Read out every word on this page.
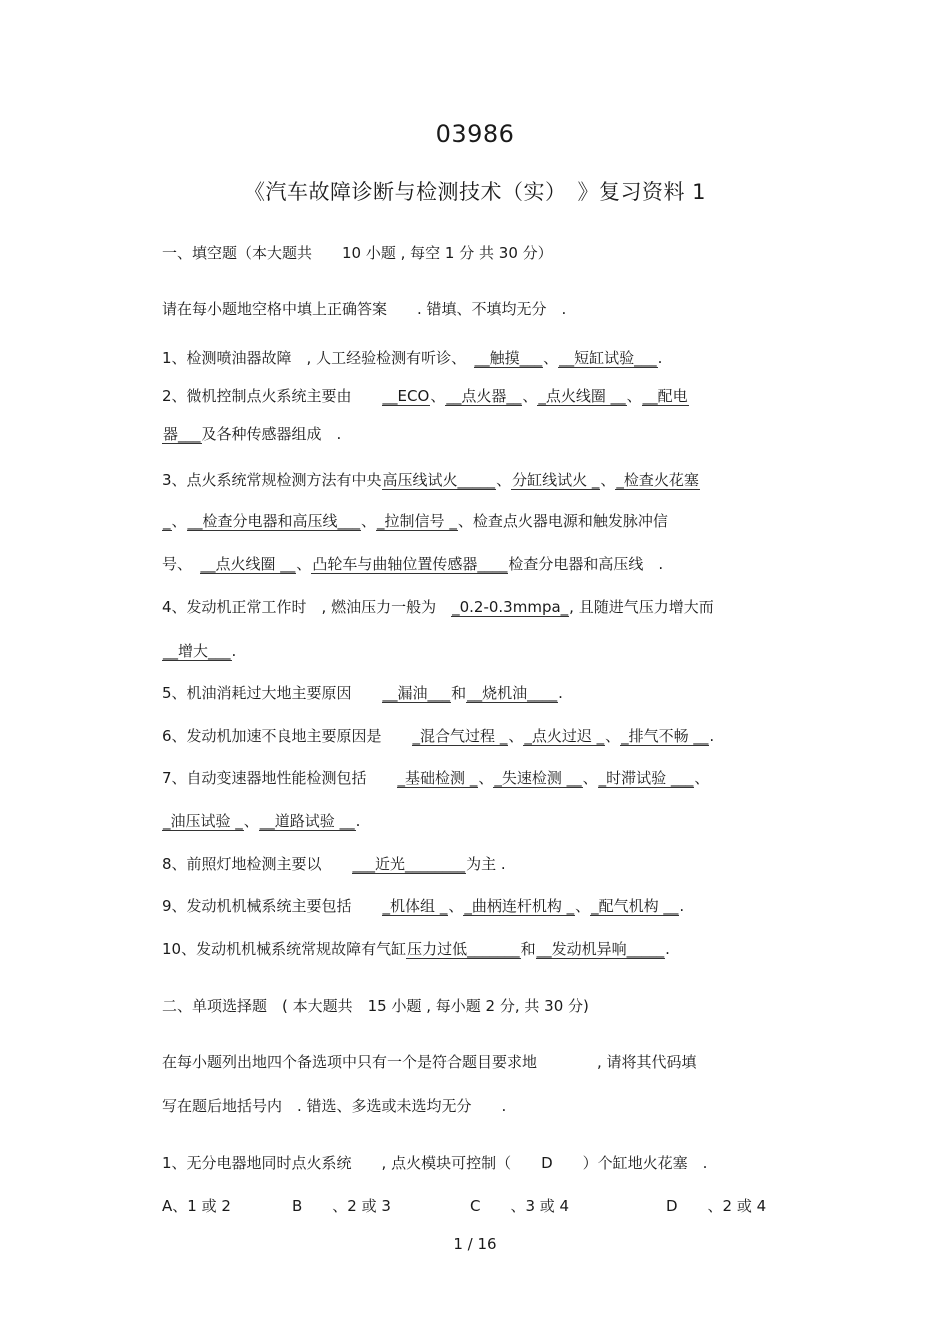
03986
《汽车故障诊断与检测技术（实）　》复习资料 1

一、填空题（本大题共　　10 小题 , 每空 1 分 共 30 分）

请在每小题地空格中填上正确答案　　. 错填、不填均无分　.

1、检测喷油器故障　, 人工经验检测有听诊、　__触摸___、__短缸试验___.

2、微机控制点火系统主要由　　__ECO、__点火器__、_点火线圈 __、__配电

器___及各种传感器组成　.

3、点火系统常规检测方法有中央高压线试火_____、分缸线试火 _、_检查火花塞

_、__检查分电器和高压线___、_拉制信号 _、检查点火器电源和触发脉冲信

号、　__点火线圈 __、凸轮车与曲轴位置传感器____检查分电器和高压线　.

4、发动机正常工作时　, 燃油压力一般为　_0.2-0.3mmpa_, 且随进气压力增大而

__增大___.

5、机油消耗过大地主要原因　　__漏油___和__烧机油____.

6、发动机加速不良地主要原因是　　_混合气过程 _、_点火过迟 _、_排气不畅 __.

7、自动变速器地性能检测包括　　_基础检测 _、_失速检测 __、_时滞试验 ___、

_油压试验 _、__道路试验 __.

8、前照灯地检测主要以　　___近光________为主 .

9、发动机机械系统主要包括　　_机体组 _、_曲柄连杆机构 _、_配气机构 __.

10、发动机机械系统常规故障有气缸压力过低_______和__发动机异响_____.

二、单项选择题　( 本大题共　15 小题 , 每小题 2 分, 共 30 分)

在每小题列出地四个备选项中只有一个是符合题目要求地　　　　, 请将其代码填

写在题后地括号内　. 错选、多选或未选均无分　　.

1、无分电器地同时点火系统　　, 点火模块可控制（　　D　　）个缸地火花塞　.

A、1 或 2	B　　、2 或 3	C　　、3 或 4	D　　、2 或 4

1 / 16
